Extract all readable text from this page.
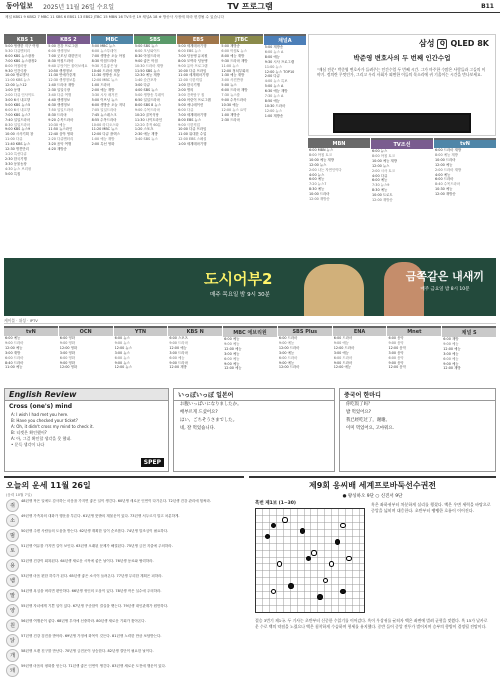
동아일보 2025년 11월 26일 수요일	TV 프로그램	B11
채널 KBS1 9 KBS2 7 MBC 11 SBS 6 EBS1 13 EBS2 JTBC 15 MBN 16 TV조선 19 채널A 18 ※ 방송사 사정에 따라 변경될 수 있습니다
KBS 1
5:00 생생한 지구 여행
5:30 다큐멘터리
6:00 KBS 뉴스광장
7:00 KBS 뉴스광장2
8:00 아침마당
9:30 인간극장
10:00 생로병사
11:00 KBS 뉴스
12:00 뉴스12
1:00 동행
2:00 다큐 인사이트
3:00 6시 내고향
5:00 KBS 뉴스5
6:00 6시 내고향
7:00 KBS 뉴스7
7:40 일일드라마
8:30 일일드라마
9:00 KBS 뉴스9
10:00 시사기획 창
11:00 다큐
11:40 KBS 뉴스
12:30 명견만리
1:20 특선다큐
2:30 한국기행
3:30 동물농장
4:30 뉴스 브리핑
5:00 특집
KBS 2
5:00 건강 프로그램
6:00 생생정보
7:00 굿모닝 대한민국
8:30 아침드라마
9:40 무엇이든 물어보세요
10:50 생생정보
11:30 연예가중계
12:30 생생정보통
1:40 드라마 재방
2:30 일일극장
3:40 다큐 여행
4:40 생생정보
6:30 생생정보
7:50 일일드라마
8:30 드라마
9:20 수목드라마
10:30 예능
11:50 뉴스라인
12:40 심야 영화
2:20 다큐멘터리
3:20 음악 여행
4:20 재방송
MBC
5:00 MBC 뉴스
6:00 뉴스투데이
7:00 생방송 오늘 아침
8:30 아침드라마
9:30 기분좋은 날
10:40 드라마 재방
11:30 생방송 오늘
12:00 MBC 뉴스
1:00 드라마
2:00 예능 재방
3:30 시사 매거진
5:00 이브닝 뉴스
6:00 생방송 오늘 저녁
7:05 일일드라마
7:45 뉴스데스크
8:55 수목드라마
10:00 라디오스타
11:20 MBC 뉴스
12:00 다큐 플렉스
1:00 예능 재방
2:00 특선 영화
SBS
5:00 SBS 뉴스
6:00 모닝와이드
8:30 아침드라마
9:00 좋은 아침
10:30 드라마 재방
11:50 SBS 뉴스
12:30 예능 재방
1:40 순간포착
3:00 다큐
4:00 SBS 뉴스
5:00 생방송 투데이
6:50 일일드라마
8:00 SBS 8 뉴스
9:00 수목드라마
10:20 골목식당
11:30 나이트라인
12:20 추적 60분
1:20 스포츠
2:30 예능 재방
3:40 SBS 뉴스
EBS
5:00 세계테마기행
6:00 EBS 뉴스
7:00 딩동댕 유치원
8:00 모여라 딩동댕
9:00 유아 프로그램
10:00 다큐 프라임
11:00 세계테마기행
12:00 극한직업
1:00 한국기행
2:00 명의
3:00 건축탐구 집
4:00 어린이 프로그램
5:00 애니메이션
6:00 다큐
7:00 세계테마기행
8:00 EBS 뉴스
9:00 극한직업
10:00 다큐 프라임
11:00 위대한 수업
12:00 EBS 스페셜
1:00 세계테마기행
JTBC
5:00 재방송
6:00 아침& 뉴스
8:00 예능 재방
9:30 드라마 재방
11:00 뉴스
12:00 정치부회의
1:30 예능 재방
3:00 사건반장
5:00 뉴스
6:00 드라마 재방
7:30 뉴스룸
9:00 수목드라마
10:30 예능
12:00 뉴스 요약
1:00 재방송
2:30 드라마
채널A
5:00 재방송
6:00 뉴스 A
8:00 예능
9:30 시사 프로그램
11:00 뉴스
12:00 뉴스 TOP10
2:00 다큐
4:00 뉴스 특보
5:00 뉴스 A
6:30 예능 재방
7:30 뉴스 A
8:50 예능
10:30 드라마
12:00 뉴스
1:00 재방송
삼성 Q QLED 8K
박준영 변호사의 두 번째 인간수업
"재심 전문" 박준영 변호사가 들려주는 인간수업 두 번째 시간. 그가 마주한 수많은 사람들과 그들의 이야기. 정의란 무엇인가, 그리고 우리 사회가 외면한 이들의 목소리에 귀 기울이는 시간을 만나보세요.
MBN
6:00 MBN 뉴스
8:00 아침 토크
10:00 예능 재방
12:00 뉴스
2:00 나는 자연인이다
4:00 뉴스
6:00 예능
7:20 뉴스7
8:30 예능
10:00 드라마
12:00 재방송
TV조선
6:00 뉴스
8:00 아침 토크
10:00 예능 재방
12:00 뉴스
2:00 시사 토크
4:00 다큐
6:00 예능
7:30 뉴스9
8:30 예능
10:00 트로트
12:00 재방송
tvN
6:00 드라마 재방
8:00 예능 재방
10:00 드라마
12:00 예능
2:00 드라마 재방
4:00 예능
6:00 드라마
8:40 수목드라마
10:30 예능
12:00 재방송
도시어부2
매주 목요일 밤 9시 30분
금쪽같은 내새끼
매주 금요일 밤 8시 10분
케이블 · 위성 · IPTV
tvN
6:00 예능
9:00 드라마
12:00 예능
3:00 재방
6:00 드라마
8:40 드라마
11:00 예능
OCN
6:00 영화
9:00 영화
12:00 영화
3:00 영화
6:00 영화
9:00 영화
12:00 영화
YTN
6:00 뉴스
9:00 뉴스
12:00 뉴스
3:00 뉴스
6:00 뉴스
9:00 뉴스
12:00 뉴스
KBS N
6:00 스포츠
9:00 드라마
12:00 예능
3:00 드라마
6:00 예능
9:00 드라마
12:00 재방
MBC 에브리원
6:00 예능
9:00 예능
12:00 예능
3:00 예능
6:00 예능
9:00 예능
12:00 예능
SBS Plus
6:00 드라마
9:00 예능
12:00 드라마
3:00 예능
6:00 드라마
9:00 예능
12:00 드라마
ENA
6:00 드라마
9:00 예능
12:00 드라마
3:00 예능
6:00 드라마
9:00 드라마
12:00 예능
Mnet
6:00 음악
9:00 음악
12:00 음악
3:00 음악
6:00 음악
9:00 음악
12:00 음악
채널 S
6:00 재방
9:00 예능
12:00 예능
3:00 예능
6:00 예능
9:00 예능
12:00 재방
English Review
Cross (one's) mind
A: I wish I had met you here.
B: Have you checked your ticket?
A: Oh, it didn't cross my mind to check it.
B: 티켓은 확인했어?
A: 아, 그걸 확인할 생각을 못 했네.
• 문득 생각이 나다
SPEP
いっぽいっぽ 일본어
お腹いっぱいになりましたか。
배부르게 드셨어요?
はい、ごちそうさまでした。
네, 잘 먹었습니다.
중국어 한마디
你吃饭了吗？
밥 먹었어요?
我已经吃过了，谢谢。
이미 먹었어요, 고마워요.
오늘의 운세 11월 26일
(음력 10월 7일)
쥐
48년생 작은 일에도 감사하는 마음을 가지면 좋은 일이 생긴다. 60년생 새로운 인연이 다가온다. 72년생 건강 관리에 힘써라.
소
49년생 가족과의 대화가 행운을 부른다. 61년생 뜻밖의 재물운이 있다. 73년생 서두르지 말고 차분하게.
범
50년생 주변 사람들의 도움을 받는다. 62년생 계획한 일이 순조롭다. 74년생 말조심이 필요하다.
토
51년생 여유를 가지면 길이 보인다. 63년생 오래된 문제가 해결된다. 75년생 금전 지출에 주의하라.
용
52년생 건강이 회복된다. 64년생 새로운 시작에 좋은 날이다. 76년생 동료와 협력하라.
뱀
53년생 마음 편한 하루가 된다. 65년생 좋은 소식이 들려온다. 77년생 무리한 계획은 피하라.
말
54년생 욕심을 버리면 편안하다. 66년생 귀인의 도움이 있다. 78년생 작은 실수에 주의하라.
양
55년생 자녀에게 기쁜 일이 있다. 67년생 꾸준함이 결실을 맺는다. 79년생 대인관계가 원만하다.
원
56년생 여행운이 좋다. 68년생 투자에 신중하라. 80년생 새로운 기회가 찾아온다.
닭
57년생 건강 검진을 받아라. 69년생 가정에 화목이 깃든다. 81년생 노력한 만큼 보답받는다.
개
58년생 오랜 친구를 만난다. 70년생 금전운이 상승한다. 82년생 결단이 필요한 날이다.
돼
59년생 마음의 평화를 얻는다. 71년생 좋은 인연이 생긴다. 83년생 새로운 도전에 행운이 있다.
제9회 응씨배 세계프로바둑선수권전
● 왕싱하오 9단 ○ 신진서 9단
흑번 제1보 (1~30)	흑은 좌하귀부터 차분하게 실리를 챙겼다. 백은 우변 세력을 바탕으로 중앙을 넓히며 대응한다. 초반부터 팽팽한 흐름이 이어진다.
결승 3번기 제1국. 두 기사는 초반부터 신중한 수읽기를 이어갔다. 흑이 우상귀를 굳히자 백은 좌변에 벌려 균형을 맞췄다. 흑 15가 날카로운 수로 백의 약점을 노렸으나 백은 침착하게 수습하며 형세를 유지했다. 중반 들어 중앙 전투가 벌어지며 승부의 향방이 결정될 전망이다.
